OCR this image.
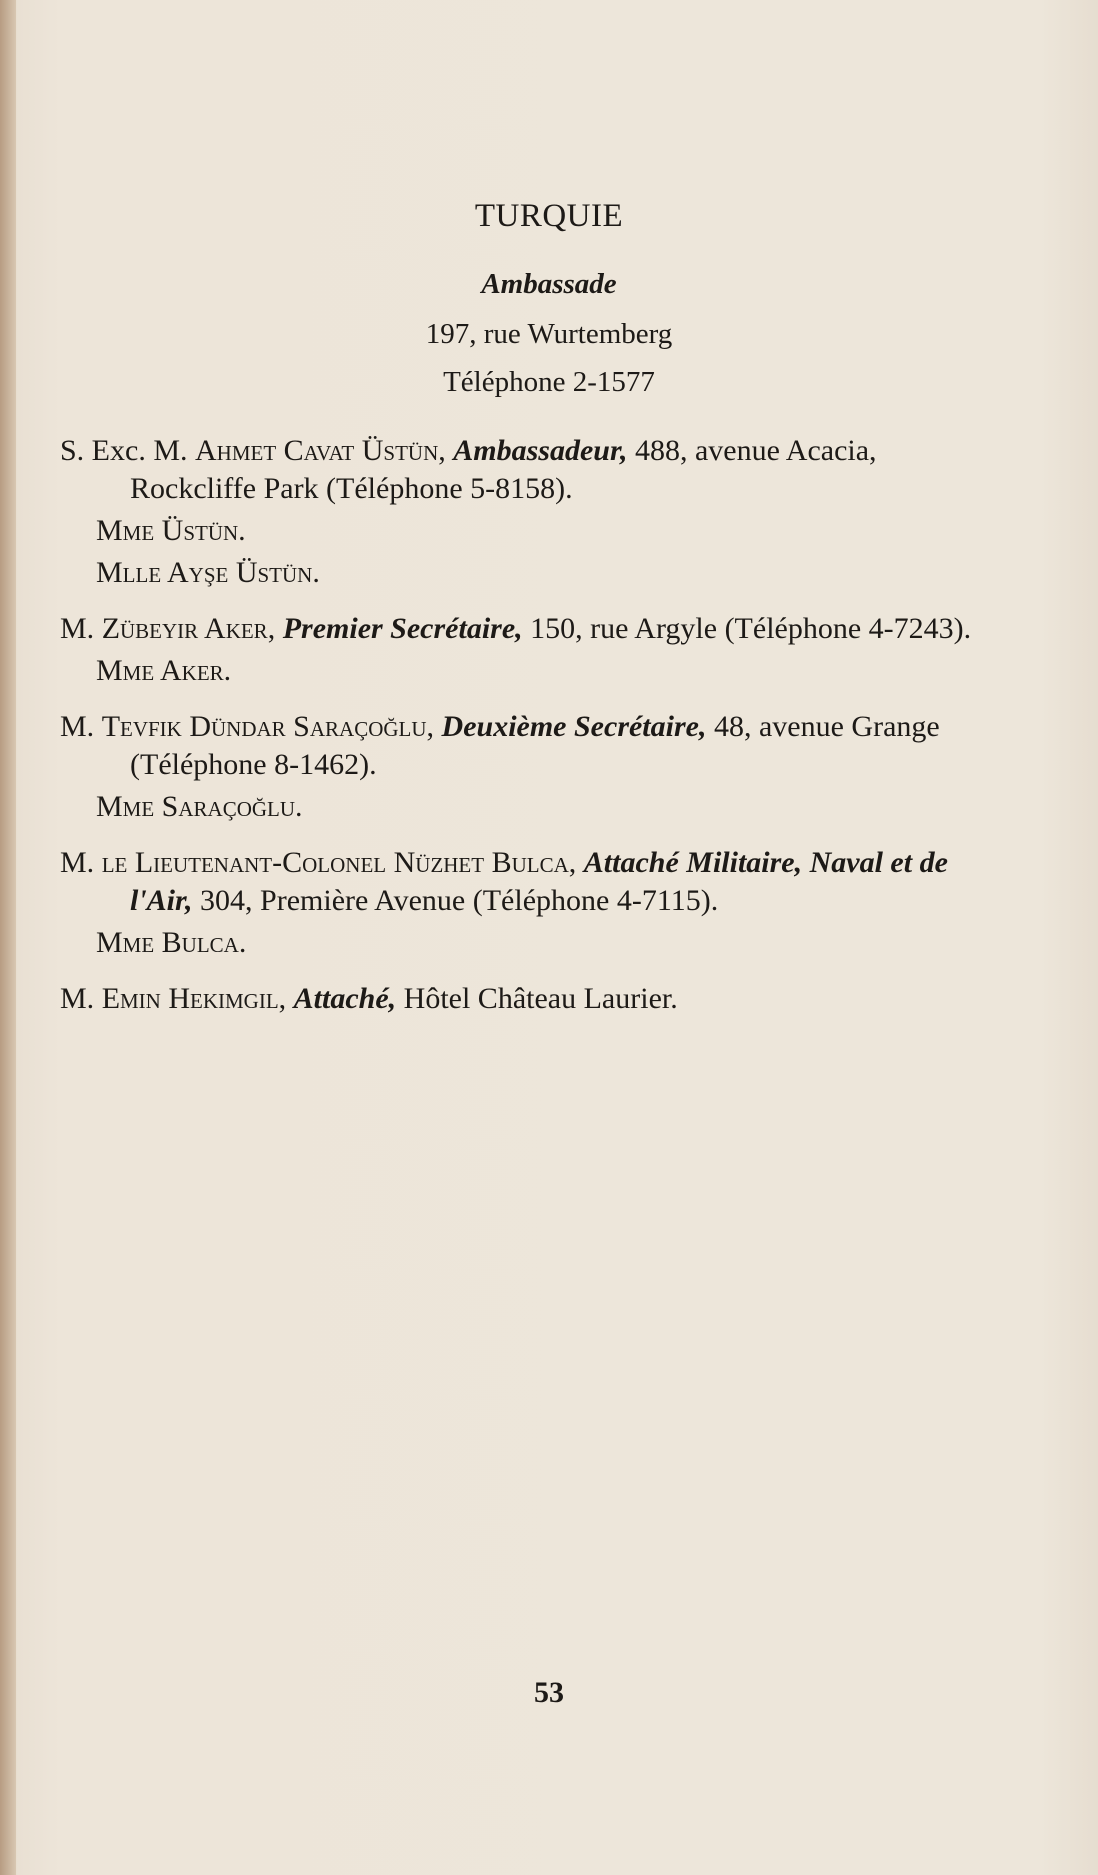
TURQUIE
Ambassade
197, rue Wurtemberg
Téléphone 2-1577
S. Exc. M. Ahmet Cavat Üstün, Ambassadeur, 488, avenue Acacia, Rockcliffe Park (Téléphone 5-8158).
Mme Üstün.
Mlle Ayşe Üstün.
M. Zübeyir Aker, Premier Secrétaire, 150, rue Argyle (Téléphone 4-7243).
Mme Aker.
M. Tevfik Dündar Saraçoğlu, Deuxième Secrétaire, 48, avenue Grange (Téléphone 8-1462).
Mme Saraçoğlu.
M. le Lieutenant-Colonel Nüzhet Bulca, Attaché Militaire, Naval et de l'Air, 304, Première Avenue (Téléphone 4-7115).
Mme Bulca.
M. Emin Hekimgil, Attaché, Hôtel Château Laurier.
53
